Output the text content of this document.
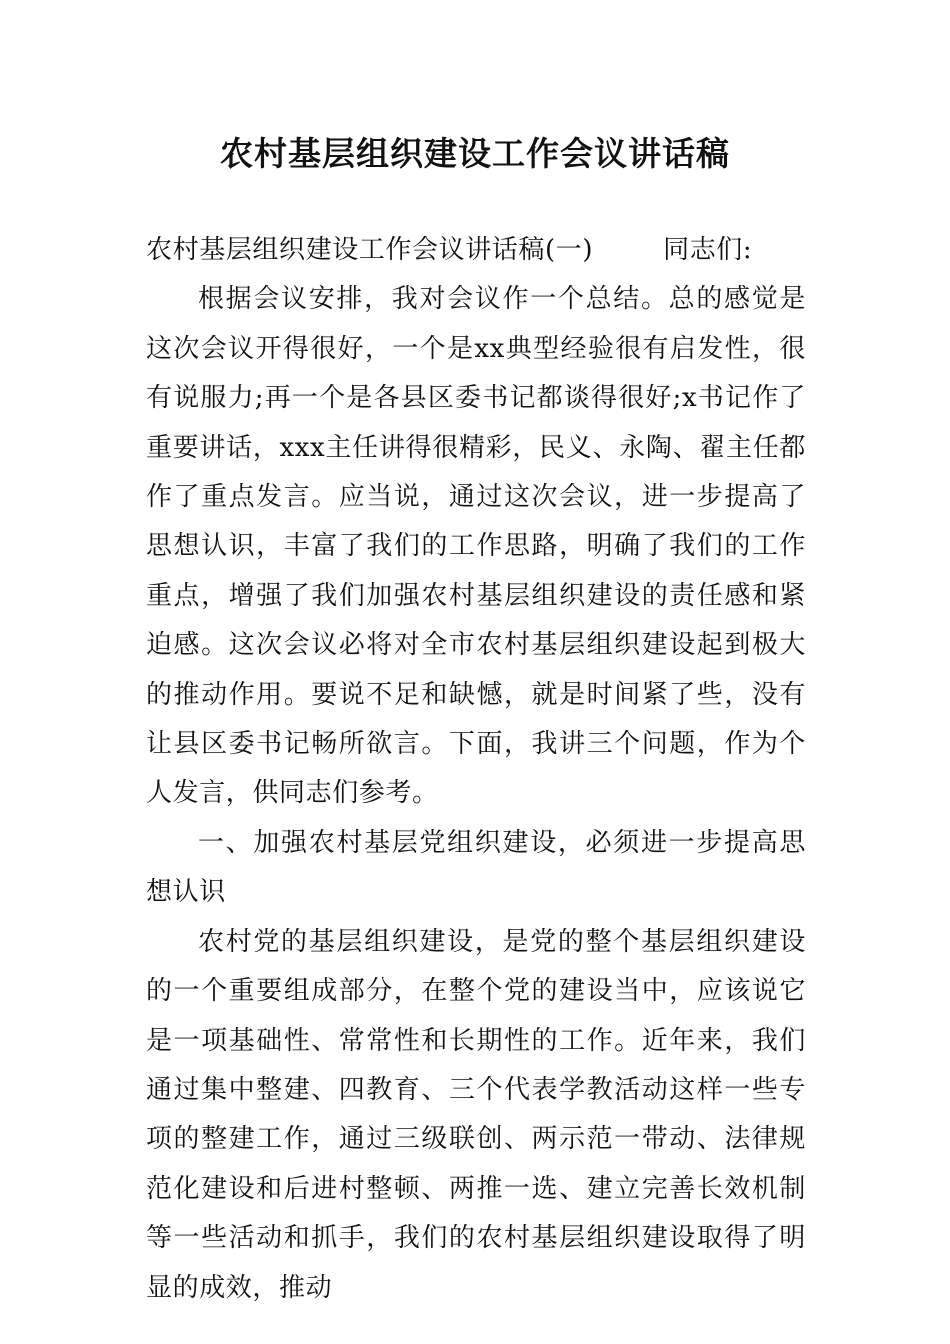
农村基层组织建设工作会议讲话稿

农村基层组织建设工作会议讲话稿(一)	同志们:

根据会议安排，我对会议作一个总结。总的感觉是这次会议开得很好，一个是xx典型经验很有启发性，很有说服力;再一个是各县区委书记都谈得很好;x书记作了重要讲话，xxx主任讲得很精彩，民义、永陶、翟主任都作了重点发言。应当说，通过这次会议，进一步提高了思想认识，丰富了我们的工作思路，明确了我们的工作重点，增强了我们加强农村基层组织建设的责任感和紧迫感。这次会议必将对全市农村基层组织建设起到极大的推动作用。要说不足和缺憾，就是时间紧了些，没有让县区委书记畅所欲言。下面，我讲三个问题，作为个人发言，供同志们参考。

一、加强农村基层党组织建设，必须进一步提高思想认识

农村党的基层组织建设，是党的整个基层组织建设的一个重要组成部分，在整个党的建设当中，应该说它是一项基础性、常常性和长期性的工作。近年来，我们通过集中整建、四教育、三个代表学教活动这样一些专项的整建工作，通过三级联创、两示范一带动、法律规范化建设和后进村整顿、两推一选、建立完善长效机制等一些活动和抓手，我们的农村基层组织建设取得了明显的成效，推动
